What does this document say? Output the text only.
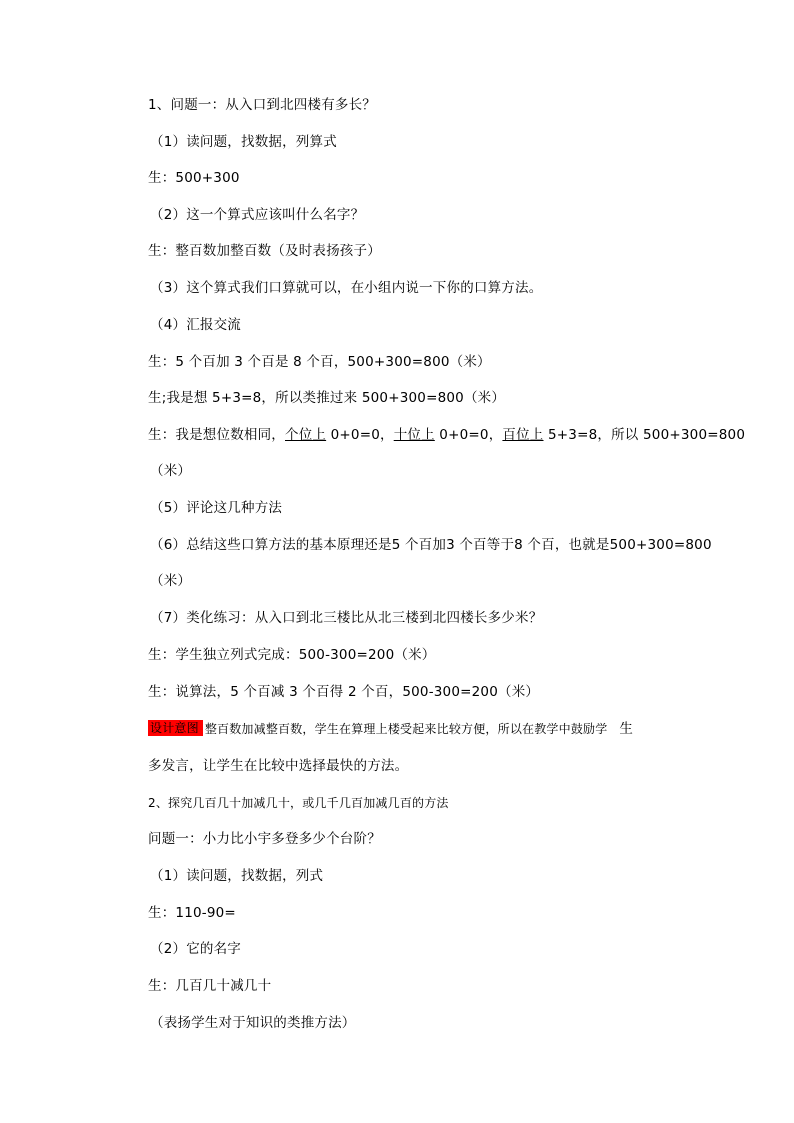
1、问题一：从入口到北四楼有多长？
（1）读问题，找数据，列算式
生：500+300
（2）这一个算式应该叫什么名字？
生：整百数加整百数（及时表扬孩子）
（3）这个算式我们口算就可以，在小组内说一下你的口算方法。
（4）汇报交流
生：5 个百加 3 个百是 8 个百，500+300=800（米）
生;我是想 5+3=8，所以类推过来 500+300=800（米）
生：我是想位数相同，个位上 0+0=0，十位上 0+0=0，百位上 5+3=8，所以 500+300=800
（米）
（5）评论这几种方法
（6）总结这些口算方法的基本原理还是5 个百加3 个百等于8 个百，也就是500+300=800
（米）
（7）类化练习：从入口到北三楼比从北三楼到北四楼长多少米？
生：学生独立列式完成：500-300=200（米）
生：说算法，5 个百减 3 个百得 2 个百，500-300=200（米）
设计意图 整百数加减整百数，学生在算理上楼受起来比较方便，所以在教学中鼓励学 生
多发言，让学生在比较中选择最快的方法。
2、探究几百几十加减几十，或几千几百加减几百的方法
问题一：小力比小宇多登多少个台阶？
（1）读问题，找数据，列式
生：110-90=
（2）它的名字
生：几百几十减几十
（表扬学生对于知识的类推方法）
